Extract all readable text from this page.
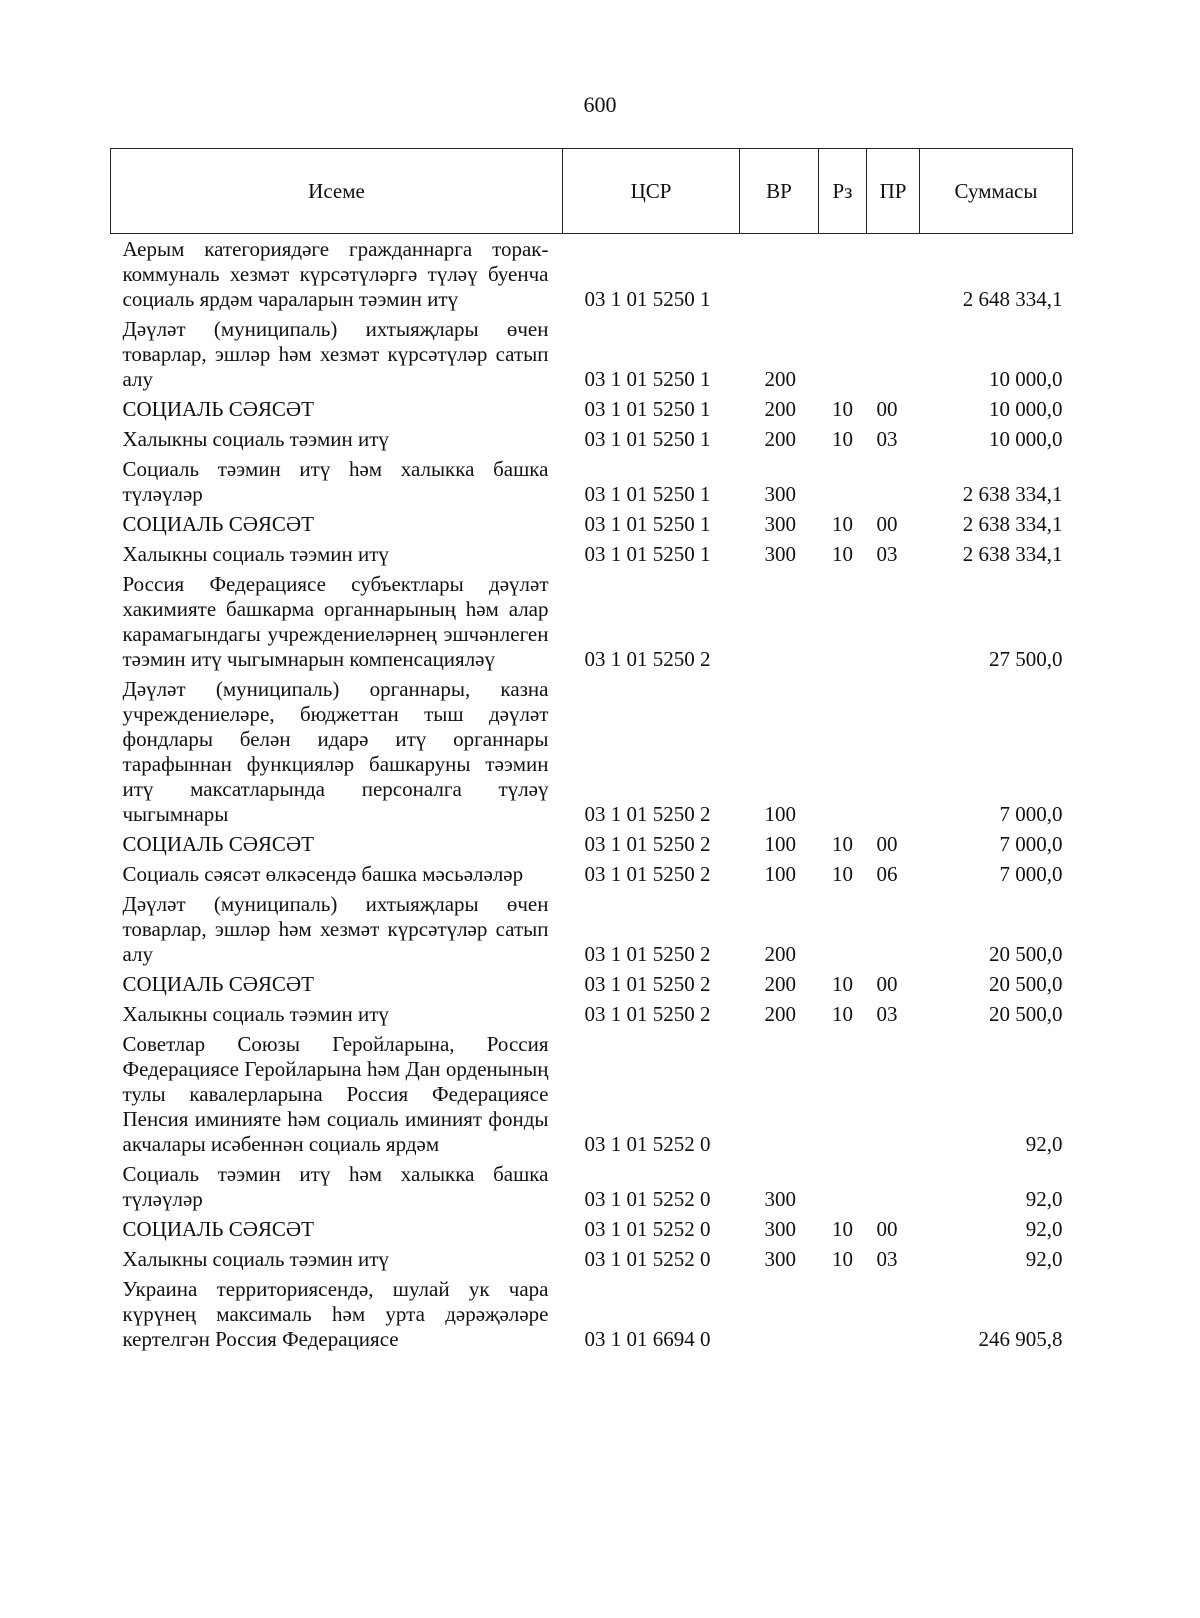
600
Исеме	ЦСР	ВР	Рз	ПР	Суммасы
Аерым категориядәге гражданнарга торак-коммуналь хезмәт күрсәтүләргә түләү буенча социаль ярдәм чараларын тәэмин итү	03 1 01 5250 1				2 648 334,1
Дәүләт (муниципаль) ихтыяҗлары өчен товарлар, эшләр һәм хезмәт күрсәтүләр сатып алу	03 1 01 5250 1	200			10 000,0
СОЦИАЛЬ СӘЯСӘТ	03 1 01 5250 1	200	10	00	10 000,0
Халыкны социаль тәэмин итү	03 1 01 5250 1	200	10	03	10 000,0
Социаль тәэмин итү һәм халыкка башка түләүләр	03 1 01 5250 1	300			2 638 334,1
СОЦИАЛЬ СӘЯСӘТ	03 1 01 5250 1	300	10	00	2 638 334,1
Халыкны социаль тәэмин итү	03 1 01 5250 1	300	10	03	2 638 334,1
Россия Федерациясе субъектлары дәүләт хакимияте башкарма органнарының һәм алар карамагындагы учреждениеләрнең эшчәнлеген тәэмин итү чыгымнарын компенсацияләү	03 1 01 5250 2				27 500,0
Дәүләт (муниципаль) органнары, казна учреждениеләре, бюджеттан тыш дәүләт фондлары белән идарә итү органнары тарафыннан функцияләр башкаруны тәэмин итү максатларында персоналга түләү чыгымнары	03 1 01 5250 2	100			7 000,0
СОЦИАЛЬ СӘЯСӘТ	03 1 01 5250 2	100	10	00	7 000,0
Социаль сәясәт өлкәсендә башка мәсьәләләр	03 1 01 5250 2	100	10	06	7 000,0
Дәүләт (муниципаль) ихтыяҗлары өчен товарлар, эшләр һәм хезмәт күрсәтүләр сатып алу	03 1 01 5250 2	200			20 500,0
СОЦИАЛЬ СӘЯСӘТ	03 1 01 5250 2	200	10	00	20 500,0
Халыкны социаль тәэмин итү	03 1 01 5250 2	200	10	03	20 500,0
Советлар Союзы Геройларына, Россия Федерациясе Геройларына һәм Дан орденының тулы кавалерларына Россия Федерациясе Пенсия иминияте һәм социаль иминият фонды акчалары исәбеннән социаль ярдәм	03 1 01 5252 0				92,0
Социаль тәэмин итү һәм халыкка башка түләүләр	03 1 01 5252 0	300			92,0
СОЦИАЛЬ СӘЯСӘТ	03 1 01 5252 0	300	10	00	92,0
Халыкны социаль тәэмин итү	03 1 01 5252 0	300	10	03	92,0
Украина территориясендә, шулай ук чара күрүнең максималь һәм урта дәрәҗәләре кертелгән Россия Федерациясе	03 1 01 6694 0				246 905,8
